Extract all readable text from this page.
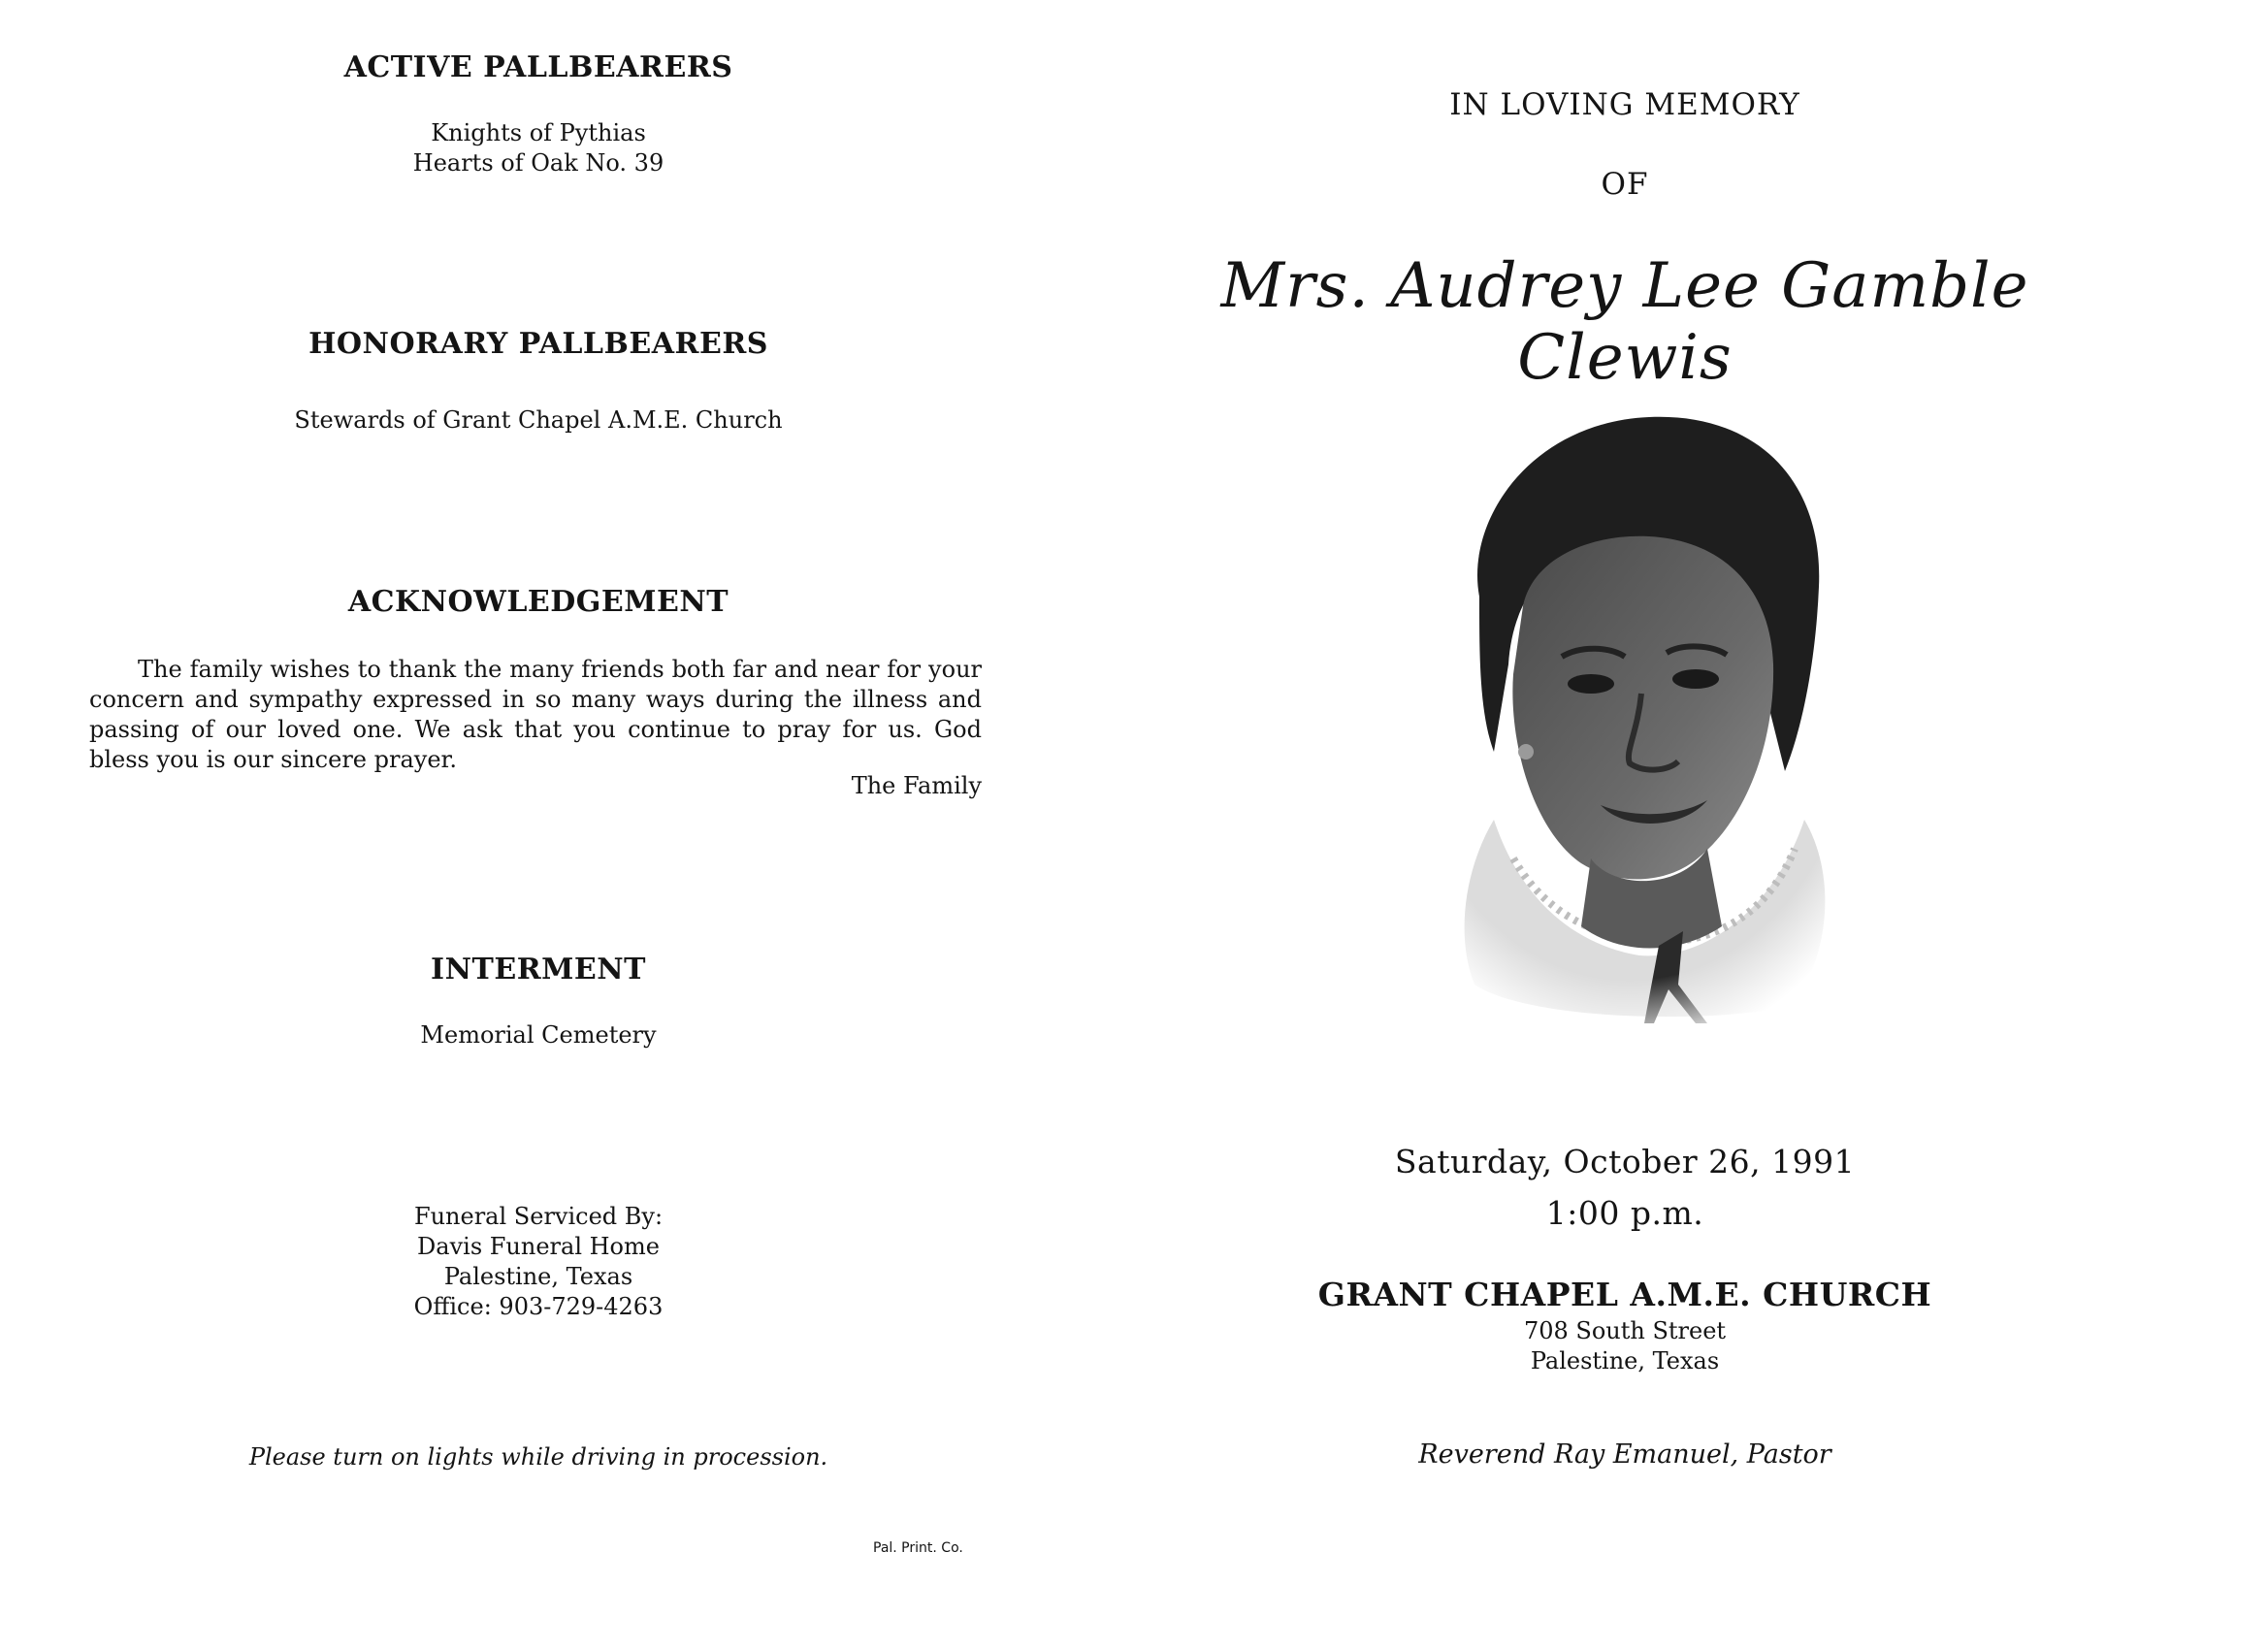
ACTIVE PALLBEARERS
Knights of Pythias
Hearts of Oak No. 39
HONORARY PALLBEARERS
Stewards of Grant Chapel A.M.E. Church
ACKNOWLEDGEMENT
The family wishes to thank the many friends both far and near for your concern and sympathy expressed in so many ways during the illness and passing of our loved one. We ask that you continue to pray for us. God bless you is our sincere prayer.
The Family
INTERMENT
Memorial Cemetery
Funeral Serviced By:
Davis Funeral Home
Palestine, Texas
Office: 903-729-4263
Please turn on lights while driving in procession.
Pal. Print. Co.
IN LOVING MEMORY
OF
Mrs. Audrey Lee Gamble Clewis
Saturday, October 26, 1991
1:00 p.m.
GRANT CHAPEL A.M.E. CHURCH
708 South Street
Palestine, Texas
Reverend Ray Emanuel, Pastor
